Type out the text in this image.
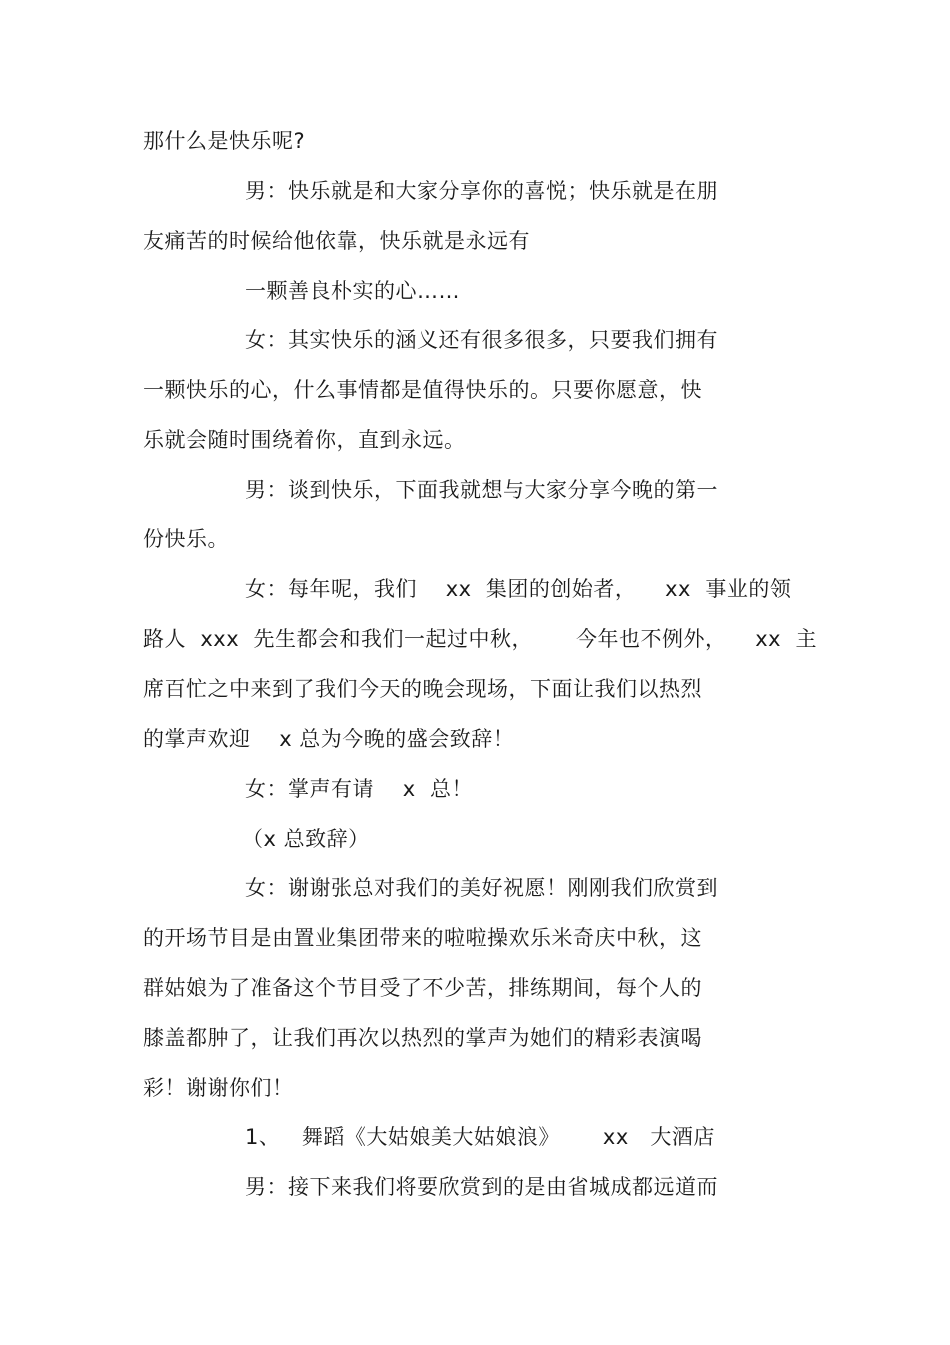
那什么是快乐呢?
男：快乐就是和大家分享你的喜悦；快乐就是在朋
友痛苦的时候给他依靠，快乐就是永远有
一颗善良朴实的心……
女：其实快乐的涵义还有很多很多，只要我们拥有
一颗快乐的心，什么事情都是值得快乐的。只要你愿意，快
乐就会随时围绕着你，直到永远。
男：谈到快乐，下面我就想与大家分享今晚的第一
份快乐。
女：每年呢，我们    xx  集团的创始者，    xx  事业的领
路人  xxx  先生都会和我们一起过中秋，      今年也不例外，    xx  主
席百忙之中来到了我们今天的晚会现场，下面让我们以热烈
的掌声欢迎    x 总为今晚的盛会致辞！
女：掌声有请    x  总！
（x 总致辞）
女：谢谢张总对我们的美好祝愿！刚刚我们欣赏到
的开场节目是由置业集团带来的啦啦操欢乐米奇庆中秋，这
群姑娘为了准备这个节目受了不少苦，排练期间，每个人的
膝盖都肿了，让我们再次以热烈的掌声为她们的精彩表演喝
彩！谢谢你们！
1、   舞蹈《大姑娘美大姑娘浪》      xx   大酒店
男：接下来我们将要欣赏到的是由省城成都远道而
